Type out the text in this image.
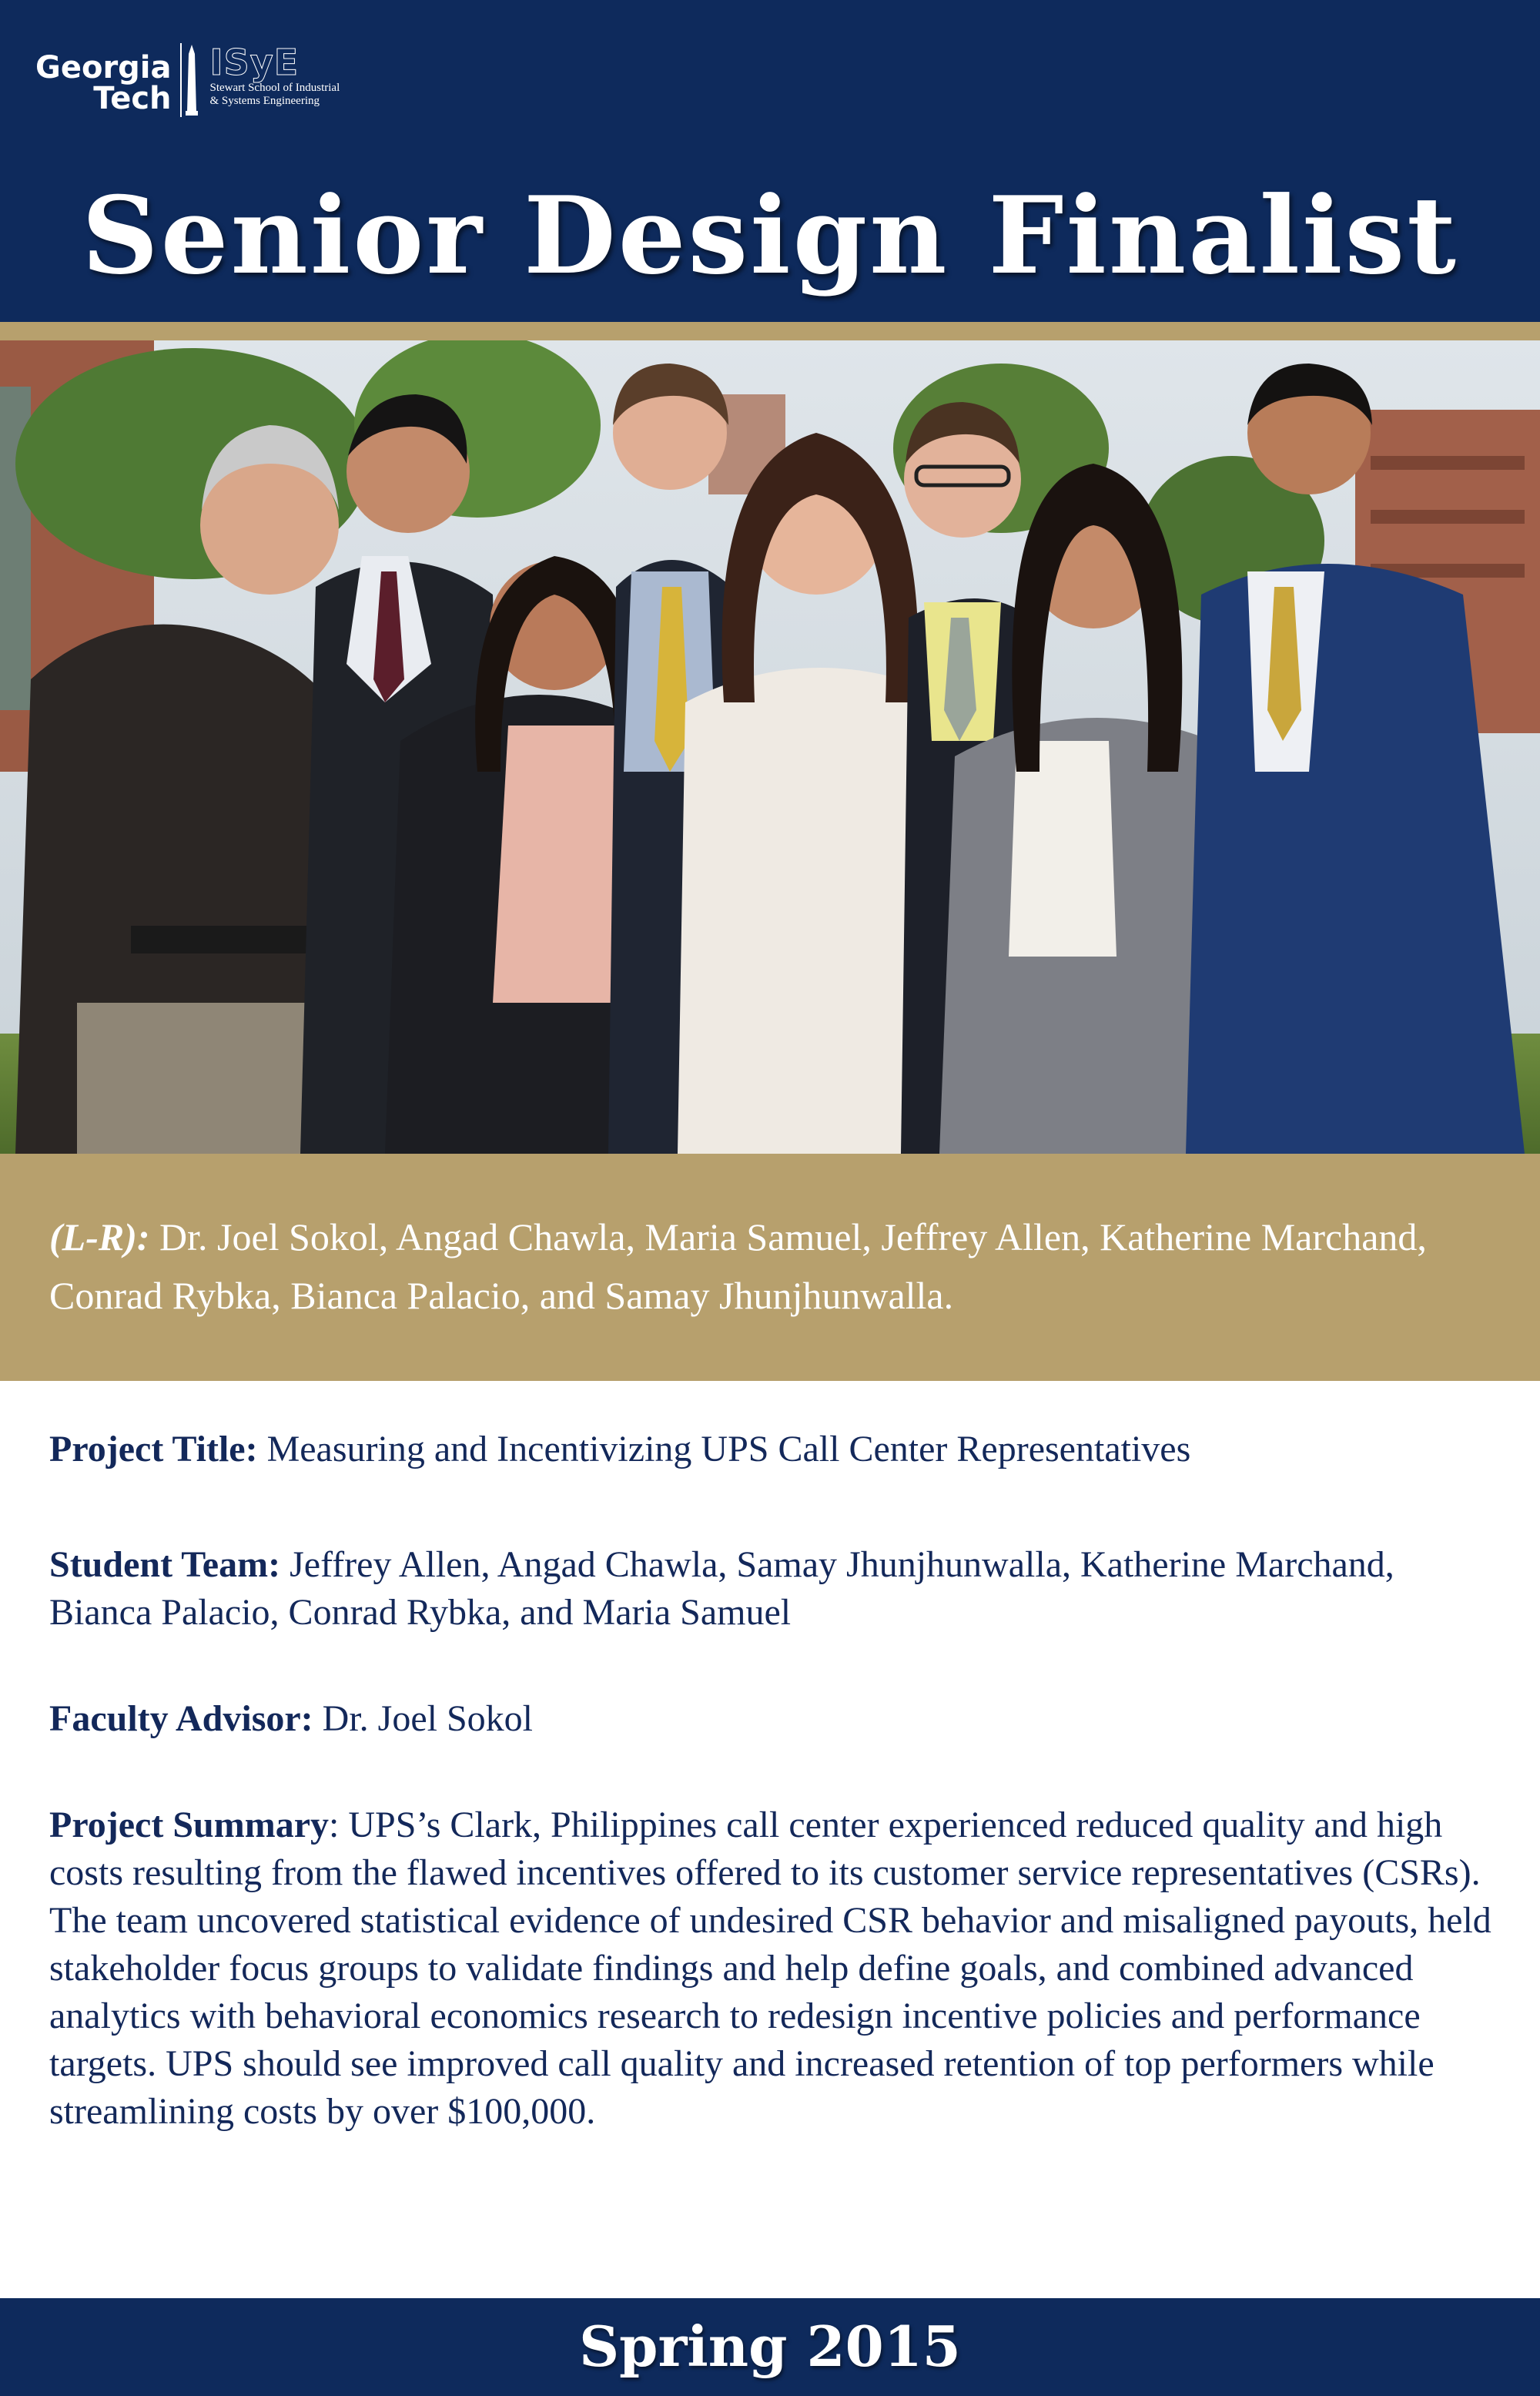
Georgia
Tech
ISyE
Stewart School of Industrial
& Systems Engineering
Senior Design Finalist
(L-R): Dr. Joel Sokol, Angad Chawla, Maria Samuel, Jeffrey Allen, Katherine Marchand, Conrad Rybka, Bianca Palacio, and Samay Jhunjhunwalla.

Project Title: Measuring and Incentivizing UPS Call Center Representatives

Student Team: Jeffrey Allen, Angad Chawla, Samay Jhunjhunwalla, Katherine Marchand, Bianca Palacio, Conrad Rybka, and Maria Samuel

Faculty Advisor: Dr. Joel Sokol

Project Summary: UPS’s Clark, Philippines call center experienced reduced quality and high costs resulting from the flawed incentives offered to its customer service representatives (CSRs). The team uncovered statistical evidence of undesired CSR behavior and misaligned payouts, held stakeholder focus groups to validate findings and help define goals, and combined advanced analytics with behavioral economics research to redesign incentive policies and performance targets. UPS should see improved call quality and increased retention of top performers while streamlining costs by over $100,000.

Spring 2015
